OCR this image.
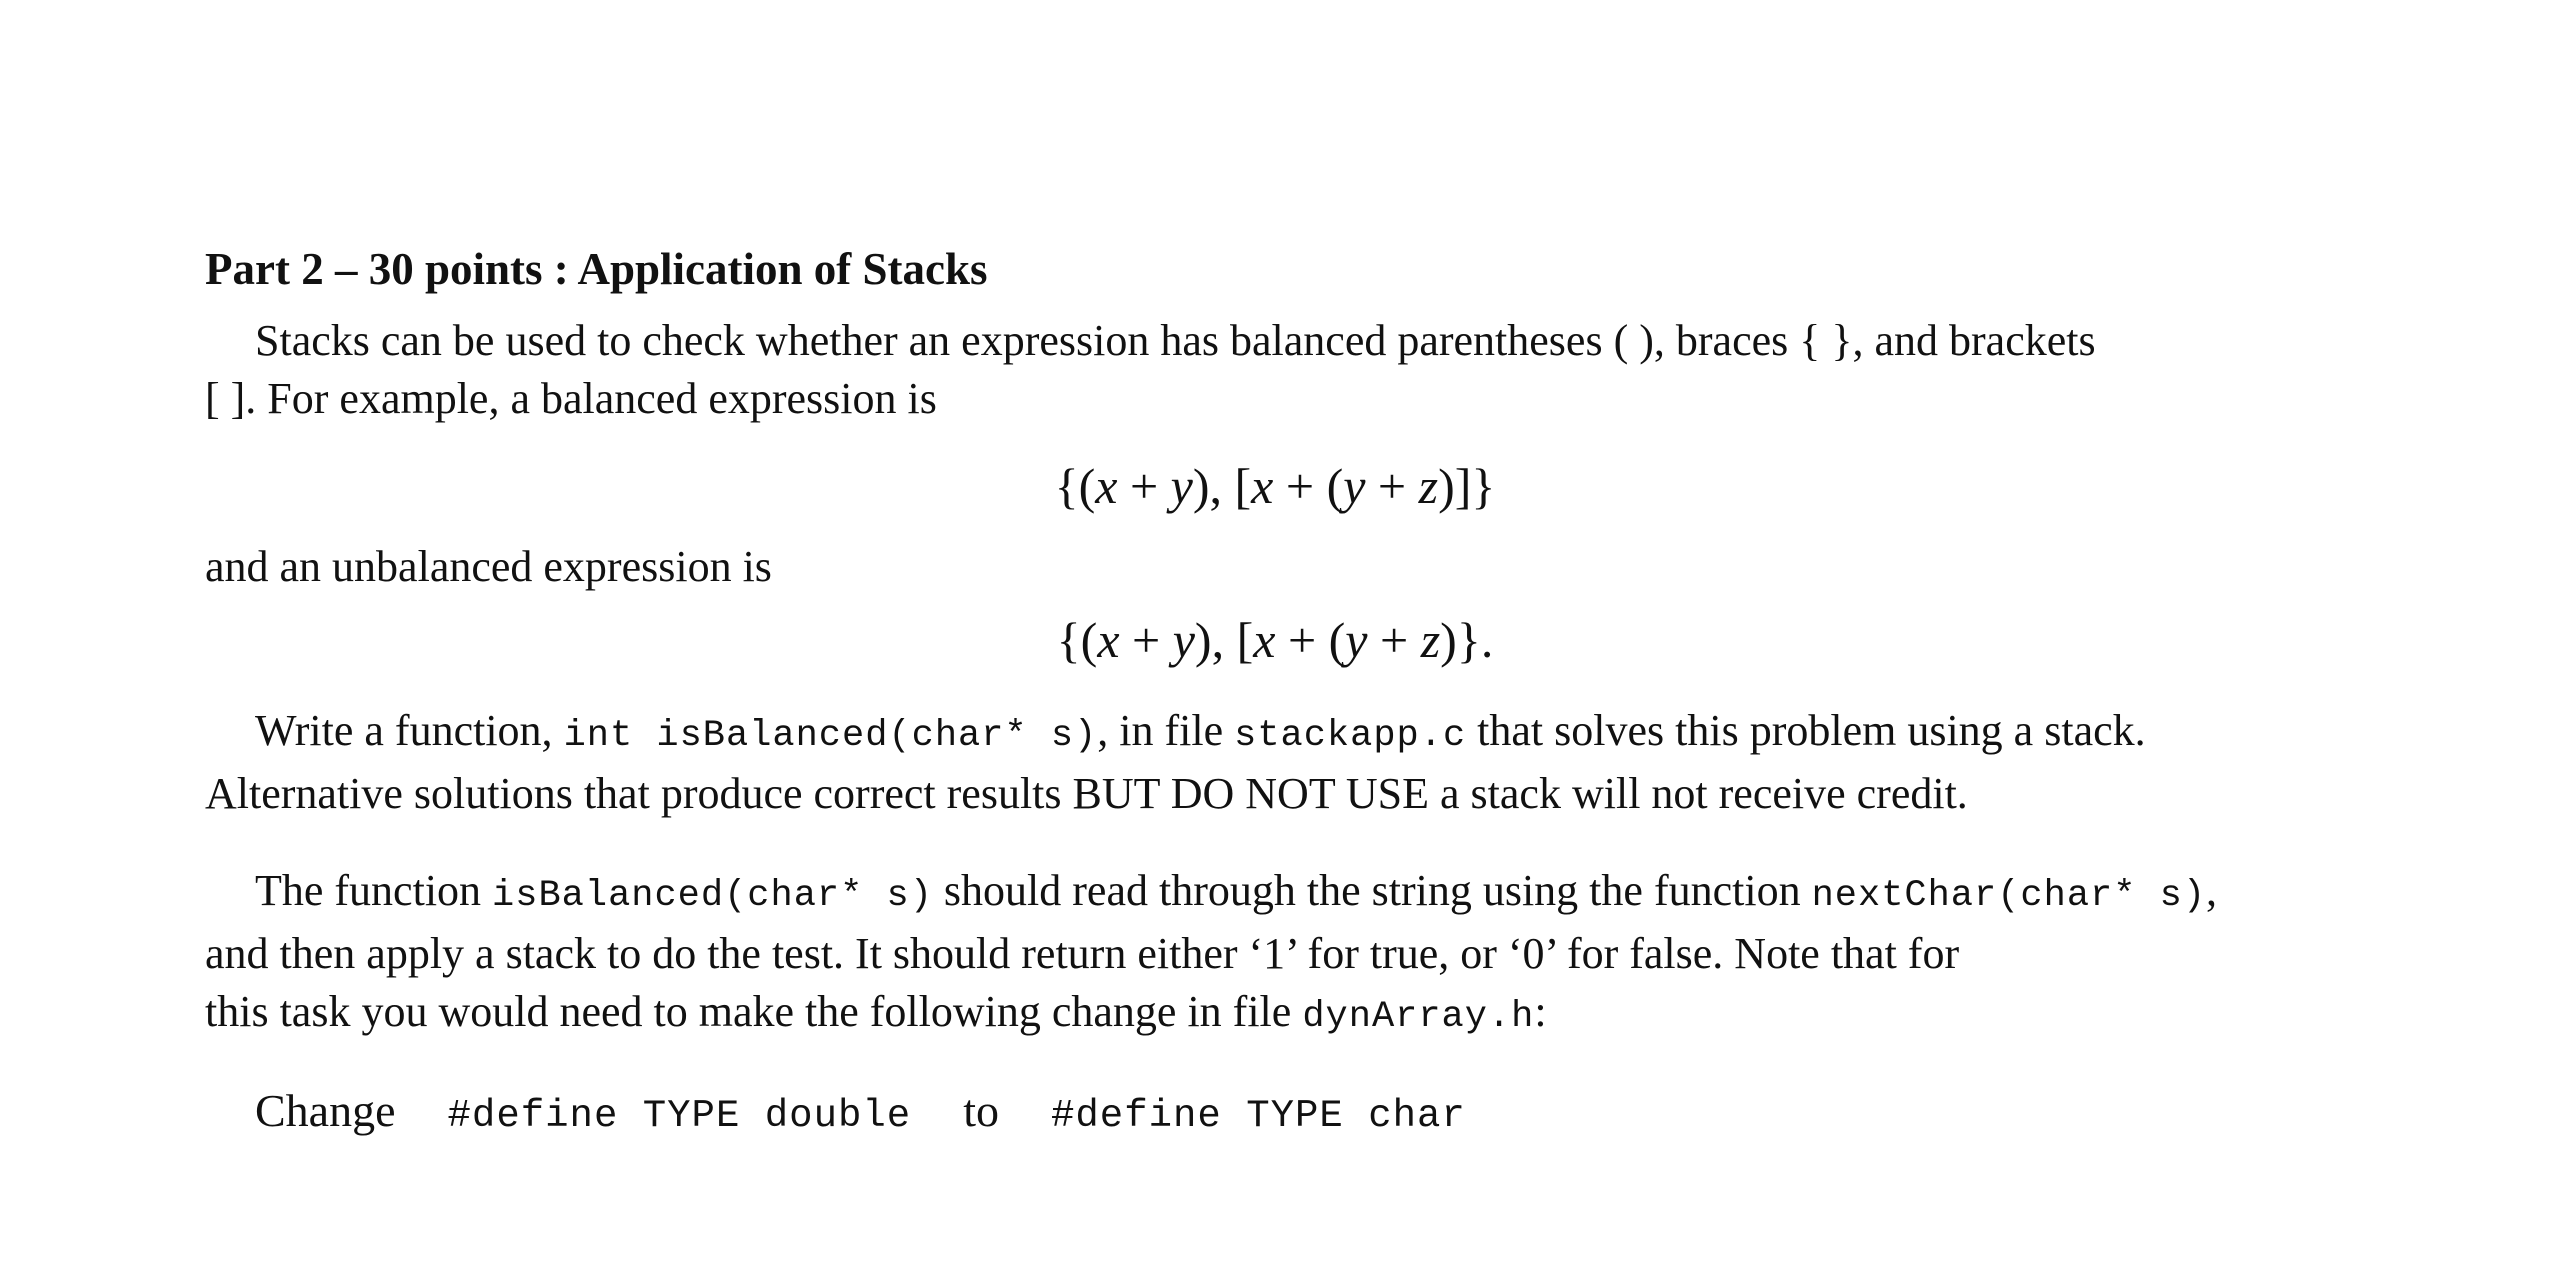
Part 2 – 30 points : Application of Stacks
Stacks can be used to check whether an expression has balanced parentheses ( ), braces { }, and brackets
[ ]. For example, a balanced expression is
{(x + y), [x + (y + z)]}
and an unbalanced expression is
{(x + y), [x + (y + z)}.
Write a function, int isBalanced(char* s), in file stackapp.c that solves this problem using a stack.
Alternative solutions that produce correct results BUT DO NOT USE a stack will not receive credit.
The function isBalanced(char* s) should read through the string using the function nextChar(char* s),
and then apply a stack to do the test. It should return either ‘1’ for true, or ‘0’ for false. Note that for
this task you would need to make the following change in file dynArray.h:
Change #define TYPE double to #define TYPE char
